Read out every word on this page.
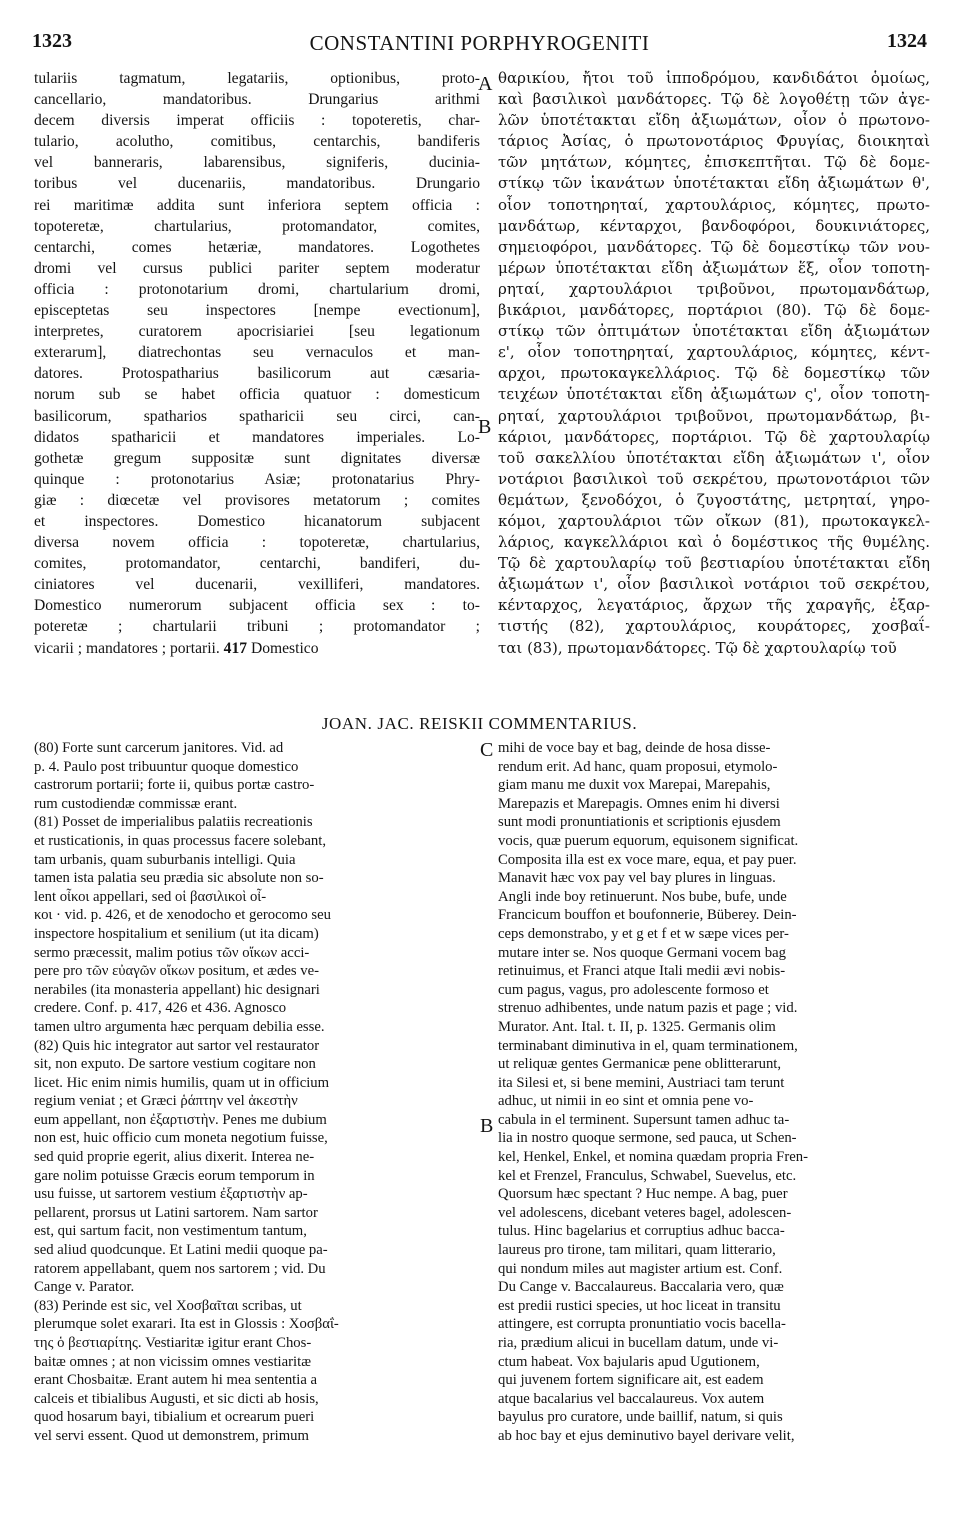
1323	CONSTANTINI PORPHYROGENITI	1324
tulariis tagmatum, legatariis, optionibus, proto-
cancellario, mandatoribus. Drungarius arithmi
decem diversis imperat officiis : topoteretis, char-
tulario, acolutho, comitibus, centarchis, bandiferis
vel banneraris, labarensibus, signiferis, ducinia-
toribus vel ducenariis, mandatoribus. Drungario
rei maritimæ addita sunt inferiora septem officia :
topoteretæ, chartularius, protomandator, comites,
centarchi, comes hetæriæ, mandatores. Logothetes
dromi vel cursus publici pariter septem moderatur
officia : protonotarium dromi, chartularium dromi,
episceptetas seu inspectores [nempe evectionum],
interpretes, curatorem apocrisiariei [seu legationum
exterarum], diatrechontas seu vernaculos et man-
datores. Protospatharius basilicorum aut cæsaria-
norum sub se habet officia quatuor : domesticum
basilicorum, spatharios spatharicii seu circi, can-
didatos spatharicii et mandatores imperiales. Lo-
gothetæ gregum suppositæ sunt dignitates diversæ
quinque : protonotarius Asiæ; protonatarius Phry-
giæ : diœcetæ vel provisores metatorum ; comites
et inspectores. Domestico hicanatorum subjacent
diversa novem officia : topoteretæ, chartularius,
comites, protomandator, centarchi, bandiferi, du-
ciniatores vel ducenarii, vexilliferi, mandatores.
Domestico numerorum subjacent officia sex : to-
poteretæ ; chartularii tribuni ; protomandator ;
vicarii ; mandatores ; portarii. 417 Domestico
θαρικίου, ἤτοι τοῦ ἱπποδρόμου, κανδιδάτοι ὁμοίως,
καὶ βασιλικοὶ μανδάτορες. Τῷ δὲ λογοθέτῃ τῶν ἀγε-
λῶν ὑποτέτακται εἴδη ἀξιωμάτων, οἷον ὁ πρωτονο-
τάριος Ἀσίας, ὁ πρωτονοτάριος Φρυγίας, διοικηταὶ
τῶν μητάτων, κόμητες, ἐπισκεπτῆται. Τῷ δὲ δομε-
στίκῳ τῶν ἱκανάτων ὑποτέτακται εἴδη ἀξιωμάτων θ',
οἷον τοποτηρηταί, χαρτουλάριος, κόμητες, πρωτο-
μανδάτωρ, κένταρχοι, βανδοφόροι, δουκινιάτορες,
σημειοφόροι, μανδάτορες. Τῷ δὲ δομεστίκῳ τῶν νου-
μέρων ὑποτέτακται εἴδη ἀξιωμάτων ἕξ, οἷον τοποτη-
ρηταί, χαρτουλάριοι τριβοῦνοι, πρωτομανδάτωρ,
βικάριοι, μανδάτορες, πορτάριοι (80). Τῷ δὲ δομε-
στίκῳ τῶν ὀπτιμάτων ὑποτέτακται εἴδη ἀξιωμάτων
ε', οἷον τοποτηρηταί, χαρτουλάριος, κόμητες, κέντ-
αρχοι, πρωτοκαγκελλάριος. Τῷ δὲ δομεστίκῳ τῶν
τειχέων ὑποτέτακται εἴδη ἀξιωμάτων ς', οἷον τοποτη-
ρηταί, χαρτουλάριοι τριβοῦνοι, πρωτομανδάτωρ, βι-
κάριοι, μανδάτορες, πορτάριοι. Τῷ δὲ χαρτουλαρίῳ
τοῦ σακελλίου ὑποτέτακται εἴδη ἀξιωμάτων ι', οἷον
νοτάριοι βασιλικοὶ τοῦ σεκρέτου, πρωτονοτάριοι τῶν
θεμάτων, ξενοδόχοι, ὁ ζυγοστάτης, μετρηταί, γηρο-
κόμοι, χαρτουλάριοι τῶν οἴκων (81), πρωτοκαγκελ-
λάριος, καγκελλάριοι καὶ ὁ δομέστικος τῆς θυμέλης.
Τῷ δὲ χαρτουλαρίῳ τοῦ βεστιαρίου ὑποτέτακται εἴδη
ἀξιωμάτων ι', οἷον βασιλικοὶ νοτάριοι τοῦ σεκρέτου,
κένταρχος, λεγατάριος, ἄρχων τῆς χαραγῆς, ἐξαρ-
τιστής (82), χαρτουλάριος, κουράτορες, χοσβαΐ-
ται (83), πρωτομανδάτορες. Τῷ δὲ χαρτουλαρίῳ τοῦ
A
B
JOAN. JAC. REISKII COMMENTARIUS.
(80) Forte sunt carcerum janitores. Vid. ad
p. 4. Paulo post tribuuntur quoque domestico
castrorum portarii; forte ii, quibus portæ castro-
rum custodiendæ commissæ erant.
(81) Posset de imperialibus palatiis recreationis
et rusticationis, in quas processus facere solebant,
tam urbanis, quam suburbanis intelligi. Quia
tamen ista palatia seu prædia sic absolute non so-
lent οἶκοι appellari, sed οἱ βασιλικοὶ οἶ-
κοι · vid. p. 426, et de xenodocho et gerocomo seu
inspectore hospitalium et senilium (ut ita dicam)
sermo præcessit, malim potius τῶν οἴκων acci-
pere pro τῶν εὐαγῶν οἴκων positum, et ædes ve-
nerabiles (ita monasteria appellant) hic designari
credere. Conf. p. 417, 426 et 436. Agnosco
tamen ultro argumenta hæc perquam debilia esse.
(82) Quis hic integrator aut sartor vel restaurator
sit, non exputo. De sartore vestium cogitare non
licet. Hic enim nimis humilis, quam ut in officium
regium veniat ; et Græci ῥάπτην vel ἀκεστὴν
eum appellant, non ἐξαρτιστὴν. Penes me dubium
non est, huic officio cum moneta negotium fuisse,
sed quid proprie egerit, alius dixerit. Interea ne-
gare nolim potuisse Græcis eorum temporum in
usu fuisse, ut sartorem vestium ἐξαρτιστὴν ap-
pellarent, prorsus ut Latini sartorem. Nam sartor
est, qui sartum facit, non vestimentum tantum,
sed aliud quodcunque. Et Latini medii quoque pa-
ratorem appellabant, quem nos sartorem ; vid. Du
Cange v. Parator.
(83) Perinde est sic, vel Χοσβαῖται scribas, ut
plerumque solet exarari. Ita est in Glossis : Χοσβαΐ-
της ὁ βεστιαρίτης. Vestiaritæ igitur erant Chos-
baitæ omnes ; at non vicissim omnes vestiaritæ
erant Chosbaitæ. Erant autem hi mea sententia a
calceis et tibialibus Augusti, et sic dicti ab hosis,
quod hosarum bayi, tibialium et ocrearum pueri
vel servi essent. Quod ut demonstrem, primum
mihi de voce bay et bag, deinde de hosa disse-
rendum erit. Ad hanc, quam proposui, etymolo-
giam manu me duxit vox Marepai, Marepahis,
Marepazis et Marepagis. Omnes enim hi diversi
sunt modi pronuntiationis et scriptionis ejusdem
vocis, quæ puerum equorum, equisonem significat.
Composita illa est ex voce mare, equa, et pay puer.
Manavit hæc vox pay vel bay plures in linguas.
Angli inde boy retinuerunt. Nos bube, bufe, unde
Francicum bouffon et boufonnerie, Büberey. Dein-
ceps demonstrabo, y et g et f et w sæpe vices per-
mutare inter se. Nos quoque Germani vocem bag
retinuimus, et Franci atque Itali medii ævi nobis-
cum pagus, vagus, pro adolescente formoso et
strenuo adhibentes, unde natum pazis et page ; vid.
Murator. Ant. Ital. t. II, p. 1325. Germanis olim
terminabant diminutiva in el, quam terminationem,
ut reliquæ gentes Germanicæ pene oblitterarunt,
ita Silesi et, si bene memini, Austriaci tam terunt
adhuc, ut nimii in eo sint et omnia pene vo-
cabula in el terminent. Supersunt tamen adhuc ta-
lia in nostro quoque sermone, sed pauca, ut Schen-
kel, Henkel, Enkel, et nomina quædam propria Fren-
kel et Frenzel, Franculus, Schwabel, Suevelus, etc.
Quorsum hæc spectant ? Huc nempe. A bag, puer
vel adolescens, dicebant veteres bagel, adolescen-
tulus. Hinc bagelarius et corruptius adhuc bacca-
laureus pro tirone, tam militari, quam litterario,
qui nondum miles aut magister artium est. Conf.
Du Cange v. Baccalaureus. Baccalaria vero, quæ
est predii rustici species, ut hoc liceat in transitu
attingere, est corrupta pronuntiatio vocis bacella-
ria, prædium alicui in bucellam datum, unde vi-
ctum habeat. Vox bajularis apud Ugutionem,
qui juvenem fortem significare ait, est eadem
atque bacalarius vel baccalaureus. Vox autem
bayulus pro curatore, unde baillif, natum, si quis
ab hoc bay et ejus deminutivo bayel derivare velit,
C
B
